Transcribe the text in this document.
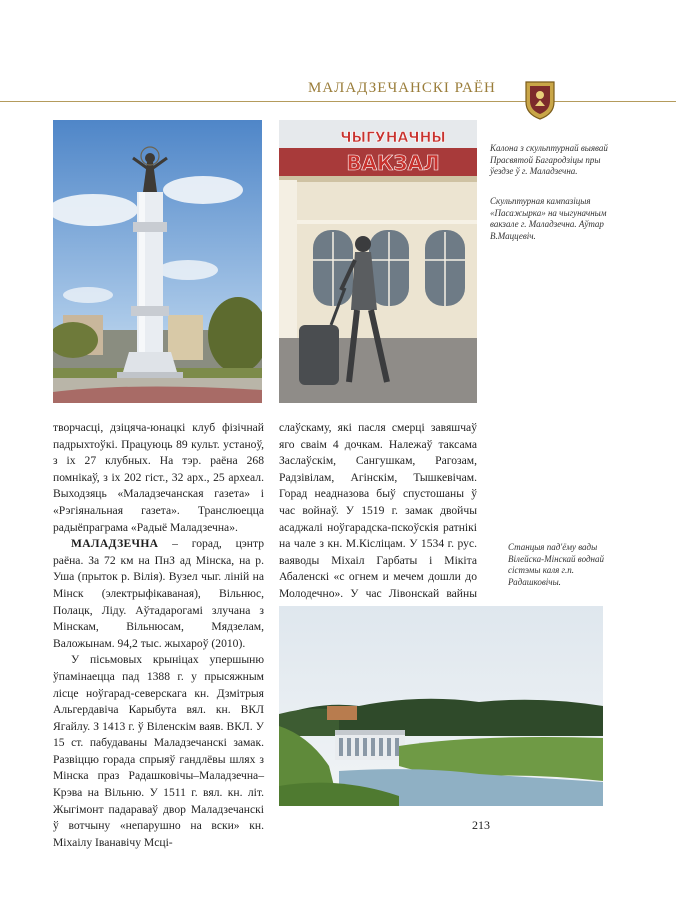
МАЛАДЗЕЧАНСКІ РАЁН
ЧЫГУНАЧНЫ
ВАКЗАЛ
Калона з скульптурнай выявай Прасвятой Багародзіцы пры ўездзе ў г. Маладзечна.
Скульптурная кампазіцыя «Пасажырка» на чыгуначным вакзале г. Маладзечна. Аўтар В.Маццевіч.
Станцыя пад'ёму вады Вілейска-Мінскай воднай сістэмы каля г.п. Радашковічы.

творчасці, дзіцяча-юнацкі клуб фізічнай падрыхтоўкі. Працуюць 89 культ. устаноў, з іх 27 клубных. На тэр. раёна 268 помнікаў, з іх 202 гіст., 32 арх., 25 археал. Выходзяць «Маладзечанская газета» і «Рэгіянальная газета». Транслюецца радыёпраграма «Радыё Маладзечна».

МАЛАДЗЕЧНА – горад, цэнтр раёна. За 72 км на ПнЗ ад Мінска, на р. Уша (прыток р. Вілія). Вузел чыг. ліній на Мінск (электрыфікаваная), Вільнюс, Полацк, Ліду. Аўтадарогамі злучана з Мінскам, Вільнюсам, Мядзелам, Валожынам. 94,2 тыс. жыхароў (2010).

У пісьмовых крыніцах упершыню ўпамінаецца пад 1388 г. у прысяжным лісце ноўгарад-северскага кн. Дзмітрыя Альгердавіча Карыбута вял. кн. ВКЛ Ягайлу. З 1413 г. ў Віленскім ваяв. ВКЛ. У 15 ст. пабудаваны Маладзечанскі замак. Развіццю горада спрыяў гандлёвы шлях з Мінска праз Радашковічы–Маладзечна–Крэва на Вільню. У 1511 г. вял. кн. літ. Жыгімонт падараваў двор Маладзечанскі ў вотчыну «непарушно на вски» кн. Міхаілу Іванавічу Мсці-

слаўскаму, які пасля смерці завяшчаў яго сваім 4 дочкам. Належаў таксама Заслаўскім, Сангушкам, Рагозам, Радзівілам, Агінскім, Тышкевічам. Горад неадназова быў спустошаны ў час войнаў. У 1519 г. замак двойчы асаджалі ноўгарадска-пскоўскія ратнікі на чале з кн. М.Кісліцам. У 1534 г. рус. ваяводы Міхаіл Гарбаты і Мікіта Абаленскі «с огнем и мечем дошли до Молодечно». У час Лівонскай вайны

213
